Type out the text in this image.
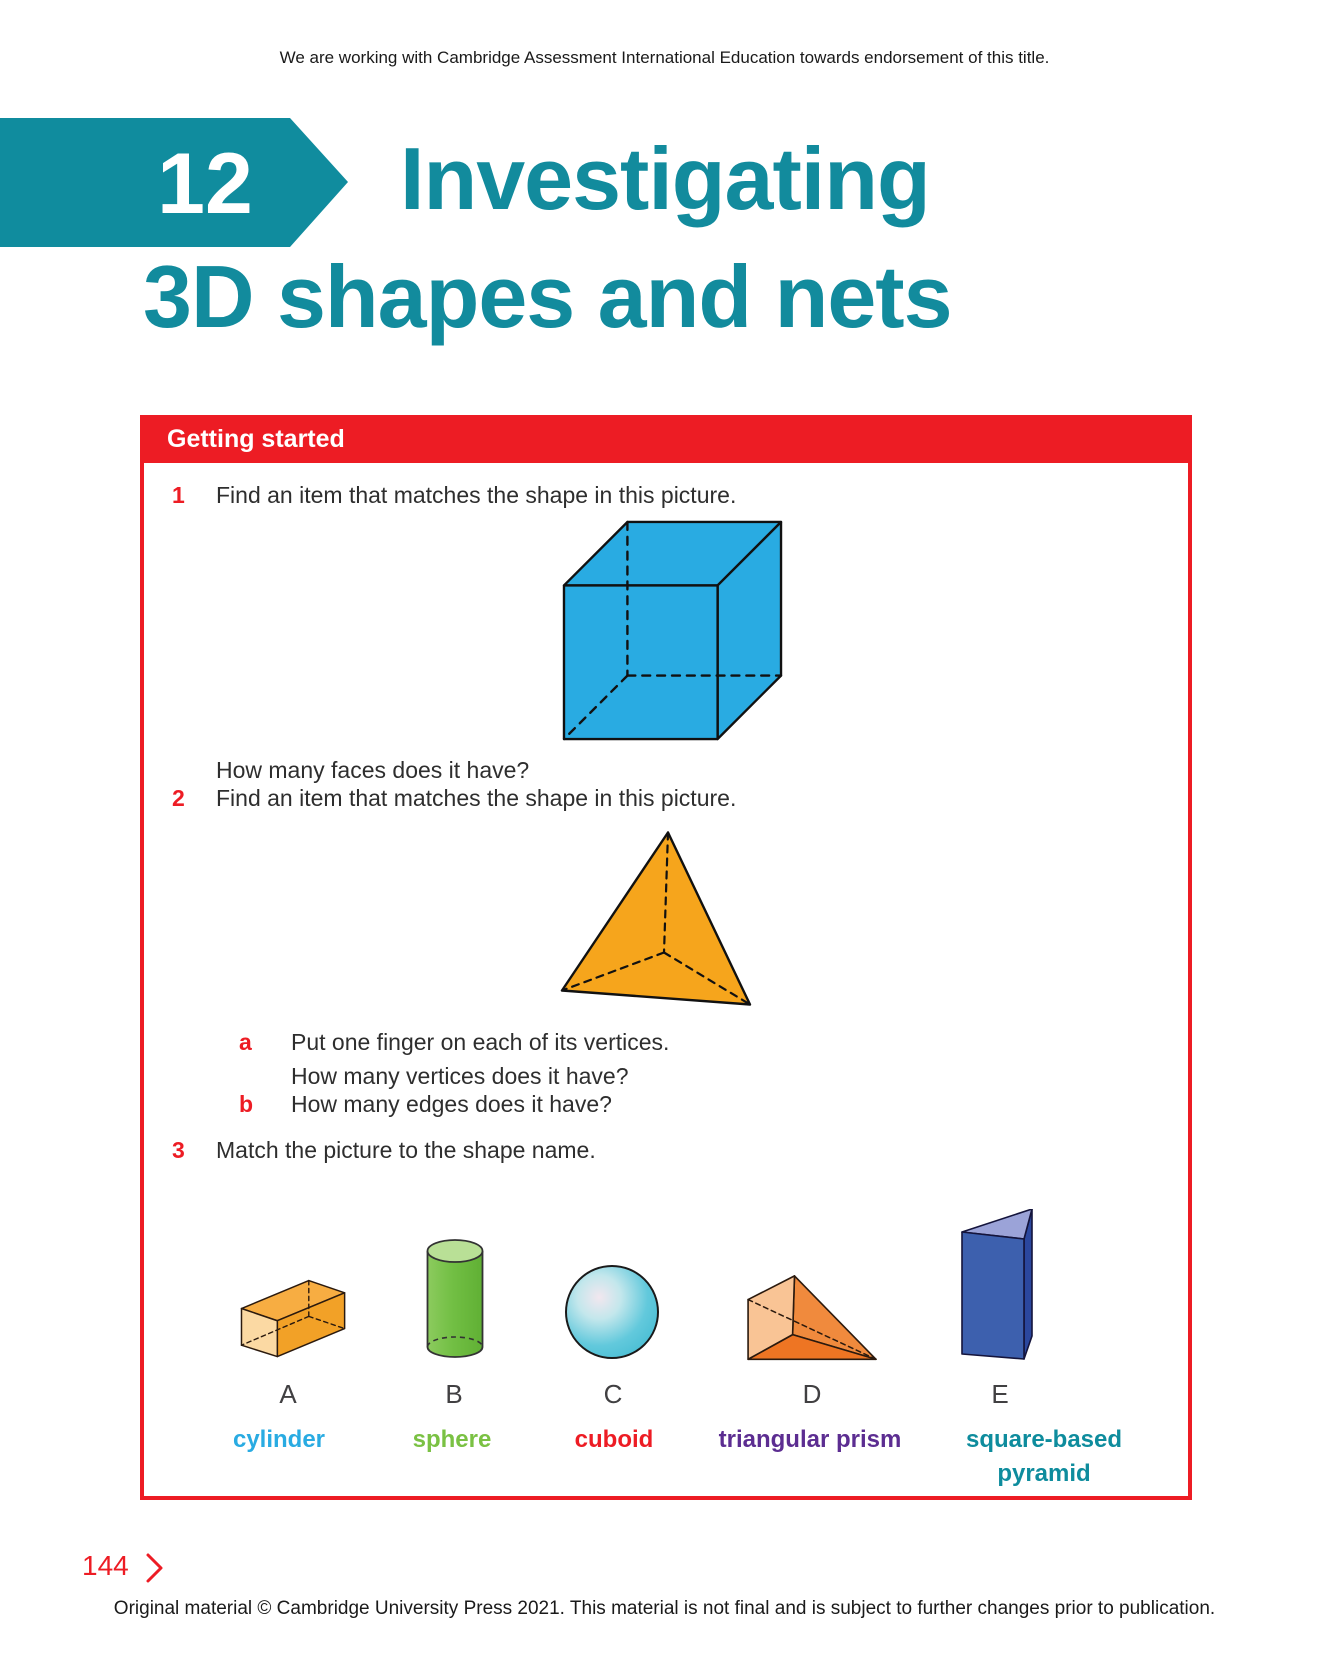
We are working with Cambridge Assessment International Education towards endorsement of this title.
12 Investigating
3D shapes and nets
Getting started
1 Find an item that matches the shape in this picture.
How many faces does it have?
2 Find an item that matches the shape in this picture.
a Put one finger on each of its vertices.
How many vertices does it have?
b How many edges does it have?
3 Match the picture to the shape name.
A	B	C	D	E
cylinder	sphere	cuboid	triangular prism	square-based
pyramid
144
Original material © Cambridge University Press 2021. This material is not final and is subject to further changes prior to publication.
